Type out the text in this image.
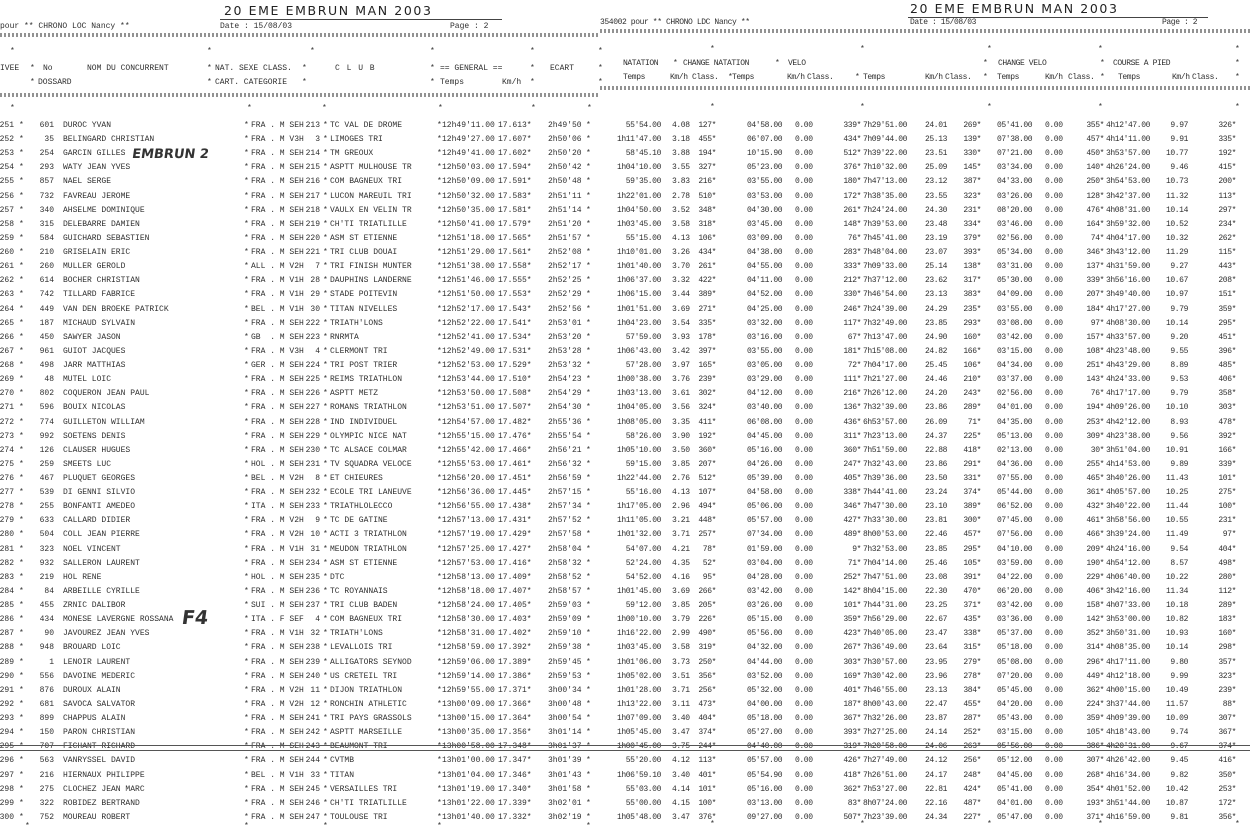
20 EME EMBRUN MAN 2003
pour ** CHRONO LOC Nancy **	Date : 15/08/03	Page : 2
IVEE	No	NOM DU CONCURRENT	NAT. SEXE CLASS.	C L U B	== GENERAL ==	ECART
DOSSARD	CART. CATEGORIE	Temps	Km/h
20 EME EMBRUN MAN 2003
354002 pour ** CHRONO LDC Nancy **	Date : 15/08/03	Page : 2
NATATION	CHANGE NATATION	VELO	CHANGE VELO	COURSE A PIED
251 * 601 DUROC YVAN	* FRA . M SEH 213 * TC VAL DE DROME	* 12h49'11.00 17.613* 2h49'50 *	55'54.00 4.08 127*	04'58.00 0.00	339* 7h29'51.00 24.01 269* 05'41.00 0.00	355* 4h12'47.00	9.97	326*
252 *	35 BELINGARD CHRISTIAN	* FRA . M V3H 3 * LIMOGES TRI	* 12h49'27.00 17.607* 2h50'06 *	1h11'47.00 3.18 455*	06'07.00 0.00	434* 7h09'44.00 25.13 139* 07'38.00 0.00	457* 4h14'11.00	9.91	335*
253 * 254 GARCIN GILLES	* FRA . M SEH 214 * TM GREOUX	* 12h49'41.00 17.602* 2h50'20 *	58'45.10 3.88 194*	10'15.90 0.00	512* 7h39'22.00 23.51 330* 07'21.00 0.00	450* 3h53'57.00 10.77	192*
254 * 293 WATY JEAN YVES	* FRA . M SEH 215 * ASPTT MULHOUSE TR	* 12h50'03.00 17.594* 2h50'42 *	1h04'10.00 3.55 327*	05'23.00 0.00	376* 7h10'32.00 25.09 145* 03'34.00 0.00	140* 4h26'24.00	9.46	415*
255 * 857 NAEL SERGE	* FRA . M SEH 216 * COM BAGNEUX TRI	* 12h50'09.00 17.591* 2h50'48 *	59'35.00 3.83 216*	03'55.00 0.00	180* 7h47'13.00 23.12 387* 04'33.00 0.00	250* 3h54'53.00 10.73	200*
256 * 732 FAVREAU JEROME	* FRA . M SEH 217 * LUCON MAREUIL TRI	* 12h50'32.00 17.583* 2h51'11 *	1h22'01.00 2.78 510*	03'53.00 0.00	172* 7h38'35.00 23.55 323* 03'26.00 0.00	128* 3h42'37.00 11.32	113*
257 * 340 AHSELME DOMINIQUE	* FRA . M SEH 218 * VAULX EN VELIN TR	* 12h50'35.00 17.581* 2h51'14 *	1h04'50.00 3.52 348*	04'30.00 0.00	261* 7h24'24.00 24.30 231* 08'20.00 0.00	476* 4h08'31.00 10.14	297*
258 * 315 DELEBARRE DAMIEN	* FRA . M SEH 219 * CH'TI TRIATLILLE	* 12h50'41.00 17.579* 2h51'20 *	1h03'45.00 3.58 318*	03'45.00 0.00	148* 7h39'53.00 23.48 334* 03'46.00 0.00	164* 3h59'32.00 10.52	234*
259 * 584 GUICHARD SEBASTIEN	* FRA . M SEH 220 * ASM ST ETIENNE	* 12h51'18.00 17.565* 2h51'57 *	55'15.00 4.13 106*	03'09.00 0.00	76* 7h45'41.00 23.19 379* 02'56.00 0.00	74* 4h04'17.00 10.32	262*
260 * 210 GRISELAIN ERIC	* FRA . M SEH 221 * TRI CLUB DOUAI	* 12h51'29.00 17.561* 2h52'08 *	1h10'01.00 3.26 434*	04'38.00 0.00	283* 7h48'04.00 23.07 393* 05'34.00 0.00	346* 3h43'12.00 11.29	115*
261 * 260 MULLER GEROLD	* ALL . M V2H 7 * TRI FINISH MUNTER	* 12h51'38.00 17.558* 2h52'17 *	1h01'40.00 3.70 261*	04'55.00 0.00	333* 7h09'33.00 25.14 138* 03'31.00 0.00	137* 4h31'59.00	9.27	443*
262 * 614 BOCHER CHRISTIAN	* FRA . M V1H 28 * DAUPHINS LANDERNE	* 12h51'46.00 17.555* 2h52'25 *	1h06'37.00 3.32 422*	04'11.00 0.00	212* 7h37'12.00 23.62 317* 05'30.00 0.00	339* 3h56'16.00 10.67	208*
263 * 742 TILLARD FABRICE	* FRA . M V1H 29 * STADE POITEVIN	* 12h51'50.00 17.553* 2h52'29 *	1h06'15.00 3.44 389*	04'52.00 0.00	330* 7h46'54.00 23.13 383* 04'09.00 0.00	207* 3h49'40.00 10.97	151*
264 * 449 VAN DEN BROEKE PATRICK	* BEL . M V1H 30 * TITAN NIVELLES	* 12h52'17.00 17.543* 2h52'56 *	1h01'51.00 3.69 271*	04'25.00 0.00	246* 7h24'39.00 24.29 235* 03'55.00 0.00	184* 4h17'27.00	9.79	359*
265 * 187 MICHAUD SYLVAIN	* FRA . M SEH 222 * TRIATH'LONS	* 12h52'22.00 17.541* 2h53'01 *	1h04'23.00 3.54 335*	03'32.00 0.00	117* 7h32'49.00 23.85 293* 03'08.00 0.00	97* 4h08'30.00 10.14	295*
266 * 450 SAWYER JASON	* GB  . M SEH 223 * RNRMTA	* 12h52'41.00 17.534* 2h53'20 *	57'59.00 3.93 178*	03'16.00 0.00	67* 7h13'47.00 24.90 160* 03'42.00 0.00	157* 4h33'57.00	9.20	451*
267 * 961 GUIOT JACQUES	* FRA . M V3H 4 * CLERMONT TRI	* 12h52'49.00 17.531* 2h53'28 *	1h06'43.00 3.42 397*	03'55.00 0.00	181* 7h15'08.00 24.82 166* 03'15.00 0.00	108* 4h23'48.00	9.55	396*
268 * 498 JARR MATTHIAS	* GER . M SEH 224 * TRI POST TRIER	* 12h52'53.00 17.529* 2h53'32 *	57'28.00 3.97 165*	03'05.00 0.00	72* 7h04'17.00 25.45 106* 04'34.00 0.00	251* 4h43'29.00	8.89	485*
269 *	48 MUTEL LOIC	* FRA . M SEH 225 * REIMS TRIATHLON	* 12h53'44.00 17.510* 2h54'23 *	1h00'38.00 3.76 239*	03'29.00 0.00	111* 7h21'27.00 24.46 210* 03'37.00 0.00	143* 4h24'33.00	9.53	406*
270 * 802 COQUERON JEAN PAUL	* FRA . M SEH 226 * ASPTT METZ	* 12h53'50.00 17.508* 2h54'29 *	1h03'13.00 3.61 302*	04'12.00 0.00	216* 7h26'12.00 24.20 243* 02'56.00 0.00	76* 4h17'17.00	9.79	358*
271 * 596 BOUIX NICOLAS	* FRA . M SEH 227 * ROMANS TRIATHLON	* 12h53'51.00 17.507* 2h54'30 *	1h04'05.00 3.56 324*	03'40.00 0.00	136* 7h32'39.00 23.86 289* 04'01.00 0.00	194* 4h09'26.00 10.10	303*
272 * 774 GUILLETON WILLIAM	* FRA . M SEH 228 * IND INDIVIDUEL	* 12h54'57.00 17.482* 2h55'36 *	1h08'05.00 3.35 411*	06'08.00 0.00	436* 6h53'57.00 26.09	71* 04'35.00 0.00	253* 4h42'12.00	8.93	478*
273 * 992 SOETENS DENIS	* FRA . M SEH 229 * OLYMPIC NICE NAT	* 12h55'15.00 17.476* 2h55'54 *	58'26.00 3.90 192*	04'45.00 0.00	311* 7h23'13.00 24.37 225* 05'13.00 0.00	309* 4h23'38.00	9.56	392*
274 * 126 CLAUSER HUGUES	* FRA . M SEH 230 * TC ALSACE COLMAR	* 12h55'42.00 17.466* 2h56'21 *	1h05'10.00 3.50 360*	05'16.00 0.00	360* 7h51'59.00 22.88 418* 02'13.00 0.00	30* 3h51'04.00 10.91	166*
275 * 259 SMEETS LUC	* HOL . M SEH 231 * TV SQUADRA VELOCE	* 12h55'53.00 17.461* 2h56'32 *	59'15.00 3.85 207*	04'26.00 0.00	247* 7h32'43.00 23.86 291* 04'36.00 0.00	255* 4h14'53.00	9.89	339*
276 * 467 PLUQUET GEORGES	* BEL . M V2H 8 * ET CHIEURES	* 12h56'20.00 17.451* 2h56'59 *	1h22'44.00 2.76 512*	05'39.00 0.00	405* 7h39'36.00 23.50 331* 07'55.00 0.00	465* 3h40'26.00 11.43	101*
277 * 539 DI GENNI SILVIO	* FRA . M SEH 232 * ECOLE TRI LANEUVE	* 12h56'36.00 17.445* 2h57'15 *	55'16.00 4.13 107*	04'58.00 0.00	338* 7h44'41.00 23.24 374* 05'44.00 0.00	361* 4h05'57.00 10.25	275*
278 * 255 BONFANTI AMEDEO	* ITA . M SEH 233 * TRIATHLOLECCO	* 12h56'55.00 17.438* 2h57'34 *	1h17'05.00 2.96 494*	05'06.00 0.00	346* 7h47'30.00 23.10 389* 06'52.00 0.00	432* 3h40'22.00 11.44	100*
279 * 633 CALLARD DIDIER	* FRA . M V2H 9 * TC DE GATINE	* 12h57'13.00 17.431* 2h57'52 *	1h11'05.00 3.21 448*	05'57.00 0.00	427* 7h33'30.00 23.81 300* 07'45.00 0.00	461* 3h58'56.00 10.55	231*
280 * 504 COLL JEAN PIERRE	* FRA . M V2H 10 * ACTI 3 TRIATHLON	* 12h57'19.00 17.429* 2h57'58 *	1h01'32.00 3.71 257*	07'34.00 0.00	489* 8h00'53.00 22.46 457* 07'56.00 0.00	466* 3h39'24.00 11.49	97*
281 * 323 NOEL VINCENT	* FRA . M V1H 31 * MEUDON TRIATHLON	* 12h57'25.00 17.427* 2h58'04 *	54'07.00 4.21 78*	01'59.00 0.00	9* 7h32'53.00 23.85 295* 04'10.00 0.00	209* 4h24'16.00	9.54	404*
282 * 932 SALLERON LAURENT	* FRA . M SEH 234 * ASM ST ETIENNE	* 12h57'53.00 17.416* 2h58'32 *	52'24.00 4.35 52*	03'04.00 0.00	71* 7h04'14.00 25.46 105* 03'59.00 0.00	190* 4h54'12.00	8.57	498*
283 * 219 HOL RENE	* HOL . M SEH 235 * DTC	* 12h58'13.00 17.409* 2h58'52 *	54'52.00 4.16 95*	04'28.00 0.00	252* 7h47'51.00 23.08 391* 04'22.00 0.00	229* 4h06'40.00 10.22	280*
284 *	84 ARBEILLE CYRILLE	* FRA . M SEH 236 * TC ROYANNAIS	* 12h58'18.00 17.407* 2h58'57 *	1h01'45.00 3.69 266*	03'42.00 0.00	142* 8h04'15.00 22.30 470* 06'20.00 0.00	406* 3h42'16.00 11.34	112*
285 * 455 ZRNIC DALIBOR	* SUI . M SEH 237 * TRI CLUB BADEN	* 12h58'24.00 17.405* 2h59'03 *	59'12.00 3.85 205*	03'26.00 0.00	101* 7h44'31.00 23.25 371* 03'42.00 0.00	158* 4h07'33.00 10.18	289*
286 * 434 MONESE LAVERGNE ROSSANA	* ITA . F SEF 4 * COM BAGNEUX TRI	* 12h58'30.00 17.403* 2h59'09 *	1h00'10.00 3.79 226*	05'15.00 0.00	359* 7h56'29.00 22.67 435* 03'36.00 0.00	142* 3h53'00.00 10.82	183*
287 *	90 JAVOUREZ JEAN YVES	* FRA . M V1H 32 * TRIATH'LONS	* 12h58'31.00 17.402* 2h59'10 *	1h16'22.00 2.99 490*	05'56.00 0.00	423* 7h40'05.00 23.47 338* 05'37.00 0.00	352* 3h50'31.00 10.93	160*
288 * 948 BROUARD LOIC	* FRA . M SEH 238 * LEVALLOIS TRI	* 12h58'59.00 17.392* 2h59'38 *	1h03'45.00 3.58 319*	04'32.00 0.00	267* 7h36'49.00 23.64 315* 05'18.00 0.00	314* 4h08'35.00 10.14	298*
289 *	1 LENOIR LAURENT	* FRA . M SEH 239 * ALLIGATORS SEYNOD	* 12h59'06.00 17.389* 2h59'45 *	1h01'06.00 3.73 250*	04'44.00 0.00	303* 7h30'57.00 23.95 279* 05'08.00 0.00	296* 4h17'11.00	9.80	357*
290 * 556 DAVOINE MEDERIC	* FRA . M SEH 240 * US CRETEIL TRI	* 12h59'14.00 17.386* 2h59'53 *	1h05'02.00 3.51 356*	03'52.00 0.00	169* 7h30'42.00 23.96 278* 07'20.00 0.00	449* 4h12'18.00	9.99	323*
291 * 876 DUROUX ALAIN	* FRA . M V2H 11 * DIJON TRIATHLON	* 12h59'55.00 17.371* 3h00'34 *	1h01'28.00 3.71 256*	05'32.00 0.00	401* 7h46'55.00 23.13 384* 05'45.00 0.00	362* 4h00'15.00 10.49	239*
292 * 681 SAVOCA SALVATOR	* FRA . M V2H 12 * RONCHIN ATHLETIC	* 13h00'09.00 17.366* 3h00'48 *	1h13'22.00 3.11 473*	04'00.00 0.00	187* 8h00'43.00 22.47 455* 04'20.00 0.00	224* 3h37'44.00 11.57	88*
293 * 899 CHAPPUS ALAIN	* FRA . M SEH 241 * TRI PAYS GRASSOLS	* 13h00'15.00 17.364* 3h00'54 *	1h07'09.00 3.40 404*	05'18.00 0.00	367* 7h32'26.00 23.87 287* 05'43.00 0.00	359* 4h09'39.00 10.09	307*
294 * 150 PARON CHRISTIAN	* FRA . M SEH 242 * ASPTT MARSEILLE	* 13h00'35.00 17.356* 3h01'14 *	1h05'45.00 3.47 374*	05'27.00 0.00	393* 7h27'25.00 24.14 252* 03'15.00 0.00	105* 4h18'43.00	9.74	367*
295 * 707 FICHANT RICHARD	* FRA . M SEH 243 * BEAUMONT TRI	* 13h00'58.00 17.348* 3h01'37 *	1h00'45.00 3.75 244*	04'40.00 0.00	319* 7h20'58.00 24.06 263* 05'56.00 0.00	386* 4h20'31.00	9.67	374*
296 * 563 VANRYSSEL DAVID	* FRA . M SEH 244 * CVTMB	* 13h01'00.00 17.347* 3h01'39 *	55'20.00 4.12 113*	05'57.00 0.00	426* 7h27'49.00 24.12 256* 05'12.00 0.00	307* 4h26'42.00	9.45	416*
297 * 216 HIERNAUX PHILIPPE	* BEL . M V1H 33 * TITAN	* 13h01'04.00 17.346* 3h01'43 *	1h06'59.10 3.40 401*	05'54.90 0.00	418* 7h26'51.00 24.17 248* 04'45.00 0.00	268* 4h16'34.00	9.82	350*
298 * 275 CLOCHEZ JEAN MARC	* FRA . M SEH 245 * VERSAILLES TRI	* 13h01'19.00 17.340* 3h01'58 *	55'03.00 4.14 101*	05'16.00 0.00	362* 7h53'27.00 22.81 424* 05'41.00 0.00	354* 4h01'52.00 10.42	253*
299 * 322 ROBIDEZ BERTRAND	* FRA . M SEH 246 * CH'TI TRIATLILLE	* 13h01'22.00 17.339* 3h02'01 *	55'00.00 4.15 100*	03'13.00 0.00	83* 8h07'24.00 22.16 487* 04'01.00 0.00	193* 3h51'44.00 10.87	172*
300 * 752 MOUREAU ROBERT	* FRA . M SEH 247 * TOULOUSE TRI	* 13h01'40.00 17.332* 3h02'19 *	1h05'48.00 3.47 376*	09'27.00 0.00	507* 7h23'39.00 24.34 227* 05'47.00 0.00	371* 4h16'59.00	9.81	356*
EMBRUN 2
F4
*	*	*	*	*	*
*	*	*	*	*	*
*	*	*	*	*	*
*	*	*	*	*
*	*	*	*	*
*	*	*	*	*
*	*	*	*	*
*	*	*	*	*	*
Temps	Km/h Class. Temps	Km/h Class.	Temps	Km/h Class.	Temps	Km/h Class.	Temps	Km/h Class.
*	*	*	*	*	*	*	*	*	*
